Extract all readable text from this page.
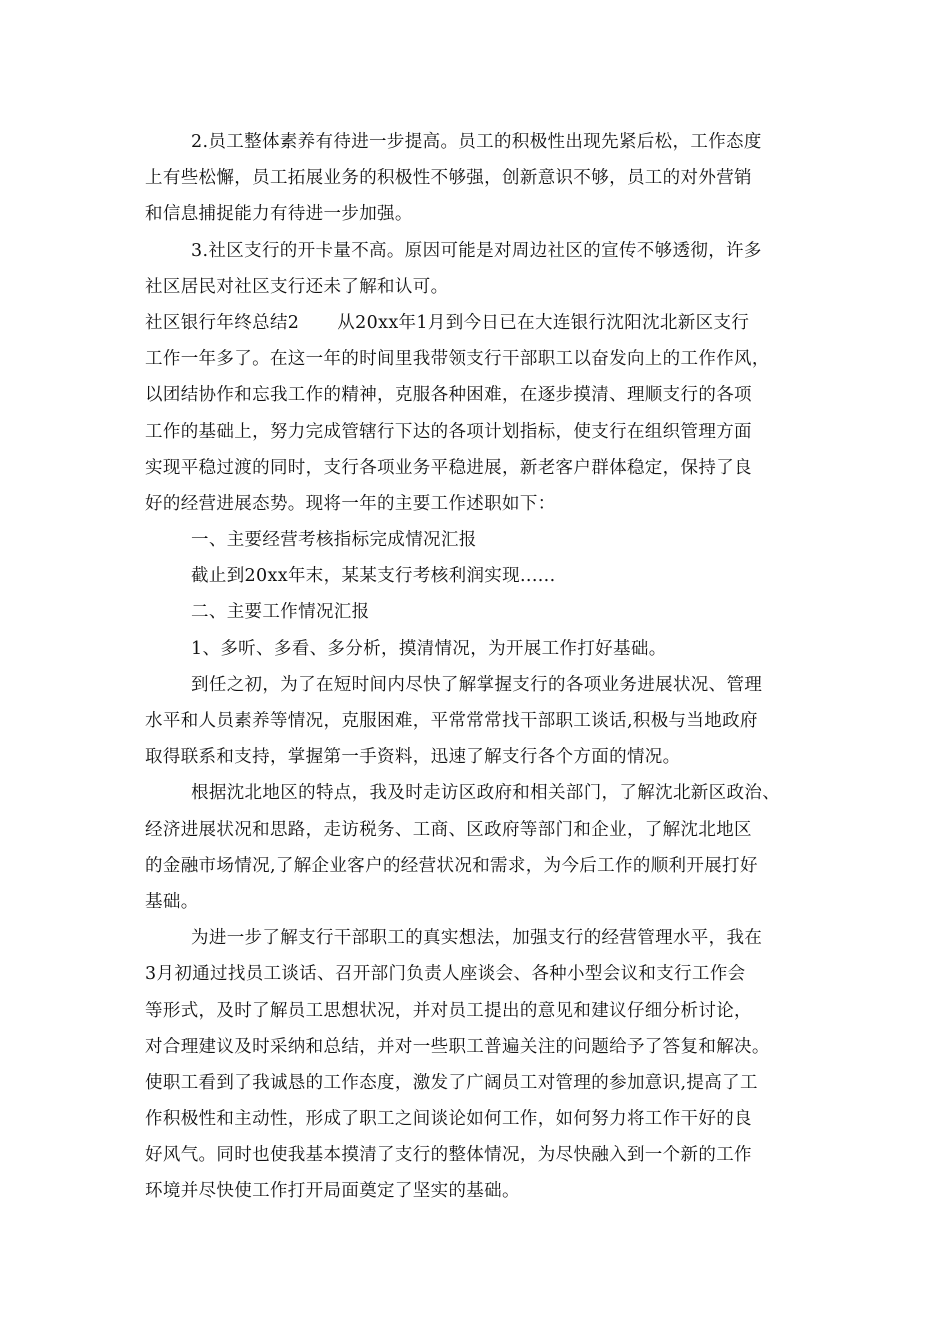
2.员工整体素养有待进一步提高。员工的积极性出现先紧后松，工作态度
上有些松懈，员工拓展业务的积极性不够强，创新意识不够，员工的对外营销
和信息捕捉能力有待进一步加强。
3.社区支行的开卡量不高。原因可能是对周边社区的宣传不够透彻，许多
社区居民对社区支行还未了解和认可。
社区银行年终总结2 从20xx年1月到今日已在大连银行沈阳沈北新区支行
工作一年多了。在这一年的时间里我带领支行干部职工以奋发向上的工作作风，
以团结协作和忘我工作的精神，克服各种困难，在逐步摸清、理顺支行的各项
工作的基础上，努力完成管辖行下达的各项计划指标，使支行在组织管理方面
实现平稳过渡的同时，支行各项业务平稳进展，新老客户群体稳定，保持了良
好的经营进展态势。现将一年的主要工作述职如下：
一、主要经营考核指标完成情况汇报
截止到20xx年末，某某支行考核利润实现......
二、主要工作情况汇报
1、多听、多看、多分析，摸清情况，为开展工作打好基础。
到任之初，为了在短时间内尽快了解掌握支行的各项业务进展状况、管理
水平和人员素养等情况，克服困难，平常常常找干部职工谈话,积极与当地政府
取得联系和支持，掌握第一手资料，迅速了解支行各个方面的情况。
根据沈北地区的特点，我及时走访区政府和相关部门，了解沈北新区政治、
经济进展状况和思路，走访税务、工商、区政府等部门和企业，了解沈北地区
的金融市场情况,了解企业客户的经营状况和需求，为今后工作的顺利开展打好
基础。
为进一步了解支行干部职工的真实想法，加强支行的经营管理水平，我在
3月初通过找员工谈话、召开部门负责人座谈会、各种小型会议和支行工作会
等形式，及时了解员工思想状况，并对员工提出的意见和建议仔细分析讨论，
对合理建议及时采纳和总结，并对一些职工普遍关注的问题给予了答复和解决。
使职工看到了我诚恳的工作态度，激发了广阔员工对管理的参加意识,提高了工
作积极性和主动性，形成了职工之间谈论如何工作，如何努力将工作干好的良
好风气。同时也使我基本摸清了支行的整体情况，为尽快融入到一个新的工作
环境并尽快使工作打开局面奠定了坚实的基础。
